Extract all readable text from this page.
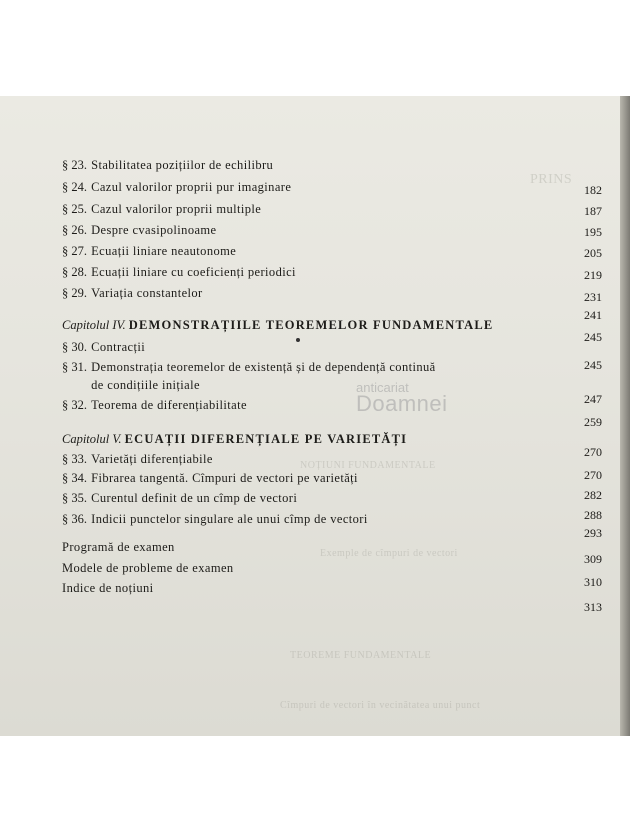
PRINS
NOȚIUNI FUNDAMENTALE
Exemple de cîmpuri de vectori
TEOREME FUNDAMENTALE
Cîmpuri de vectori în vecinătatea unui punct
anticariat
Doamnei
§ 23. Stabilitatea pozițiilor de echilibru
§ 24. Cazul valorilor proprii pur imaginare
§ 25. Cazul valorilor proprii multiple
§ 26. Despre cvasipolinoame
§ 27. Ecuații liniare neautonome
§ 28. Ecuații liniare cu coeficienți periodici
§ 29. Variația constantelor
Capitolul IV. DEMONSTRAȚIILE TEOREMELOR FUNDAMENTALE
§ 30. Contracții
§ 31. Demonstrația teoremelor de existență și de dependență continuă
de condițiile inițiale
§ 32. Teorema de diferențiabilitate
Capitolul V. ECUAȚII DIFERENȚIALE PE VARIETĂȚI
§ 33. Varietăți diferențiabile
§ 34. Fibrarea tangentă. Cîmpuri de vectori pe varietăți
§ 35. Curentul definit de un cîmp de vectori
§ 36. Indicii punctelor singulare ale unui cîmp de vectori
Programă de examen
Modele de probleme de examen
Indice de noțiuni
182
187
195
205
219
231
241
245
245
247
259
270
270
282
288
293
309
310
313
